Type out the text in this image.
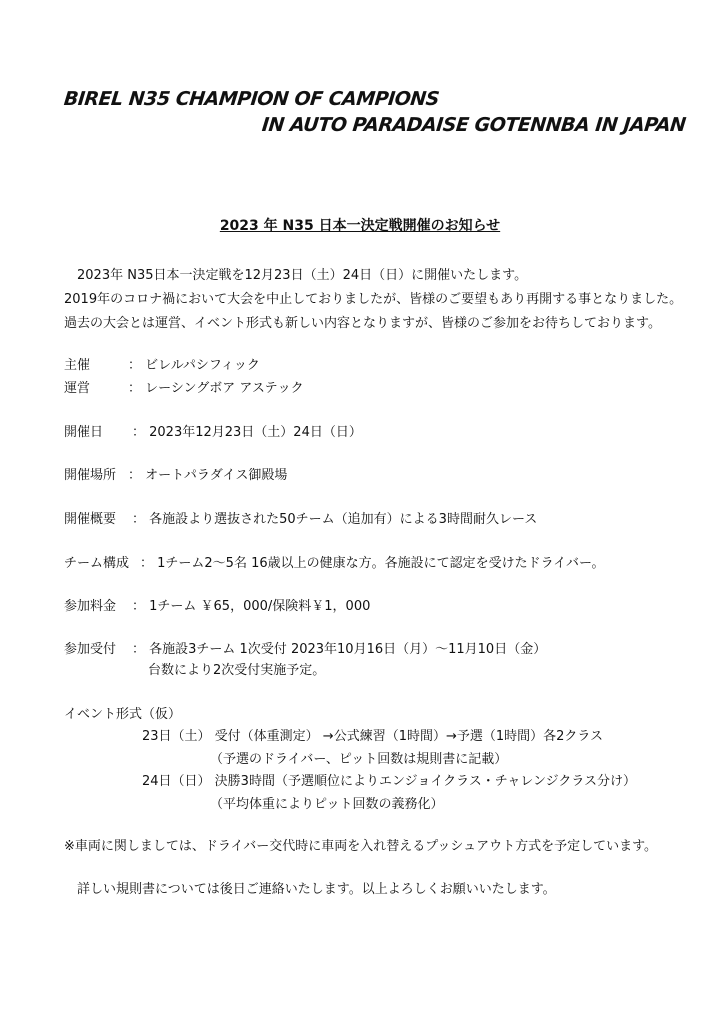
BIREL N35 CHAMPION OF CAMPIONS
IN AUTO PARADAISE GOTENNBA IN JAPAN
2023 年 N35 日本一決定戦開催のお知らせ
　2023年 N35日本一決定戦を12月23日（土）24日（日）に開催いたします。
2019年のコロナ禍において大会を中止しておりましたが、皆様のご要望もあり再開する事となりました。
過去の大会とは運営、イベント形式も新しい内容となりますが、皆様のご参加をお待ちしております。
主催	： ビレルパシフィック
運営	： レーシングボア アステック
開催日 ： 2023年12月23日（土）24日（日）
開催場所 ： オートパラダイス御殿場
開催概要 ： 各施設より選抜された50チーム（追加有）による3時間耐久レース
チーム構成 ： 1チーム2～5名 16歳以上の健康な方。各施設にて認定を受けたドライバー。
参加料金 ： 1チーム ￥65，000/保険料￥1，000
参加受付 ： 各施設3チーム 1次受付 2023年10月16日（月）～11月10日（金）
台数により2次受付実施予定。
イベント形式（仮）
23日（土） 受付（体重測定） →公式練習（1時間）→予選（1時間）各2クラス
（予選のドライバー、ピット回数は規則書に記載）
24日（日） 決勝3時間（予選順位によりエンジョイクラス・チャレンジクラス分け）
（平均体重によりピット回数の義務化）
※車両に関しましては、ドライバー交代時に車両を入れ替えるプッシュアウト方式を予定しています。
　詳しい規則書については後日ご連絡いたします。以上よろしくお願いいたします。
